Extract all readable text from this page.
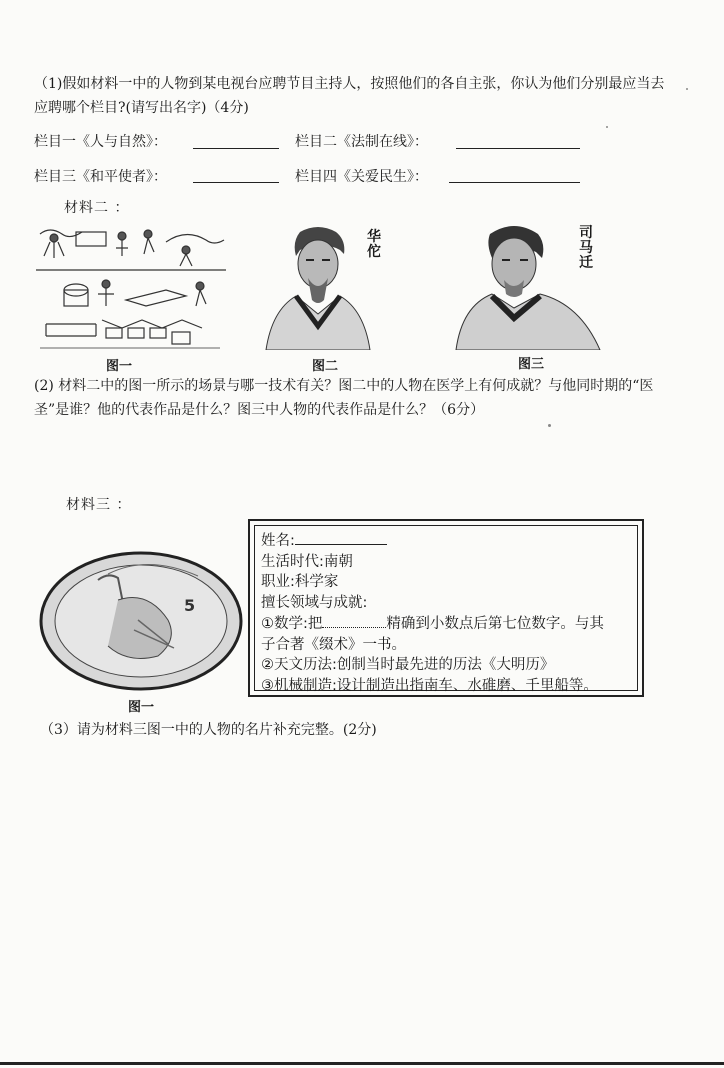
（1)假如材料一中的人物到某电视台应聘节目主持人，按照他们的各自主张，你认为他们分别最应当去应聘哪个栏目?(请写出名字)（4分)
栏目一《人与自然》：	栏目二《法制在线》：
栏目三《和平使者》：	栏目四《关爱民生》：
材料二 ：
图一
华佗
图二
司马迁
图三
(2) 材料二中的图一所示的场景与哪一技术有关？图二中的人物在医学上有何成就？与他同时期的“医圣”是谁？他的代表作品是什么？图三中人物的代表作品是什么？（6分）
材料三 ：
5
图一
姓名:
生活时代:南朝
职业:科学家
擅长领域与成就:
①数学:把	精确到小数点后第七位数字。与其
子合著《缀术》一书。
②天文历法:创制当时最先进的历法《大明历》
③机械制造:设计制造出指南车、水碓磨、千里船等。
（3）请为材料三图一中的人物的名片补充完整。(2分)
